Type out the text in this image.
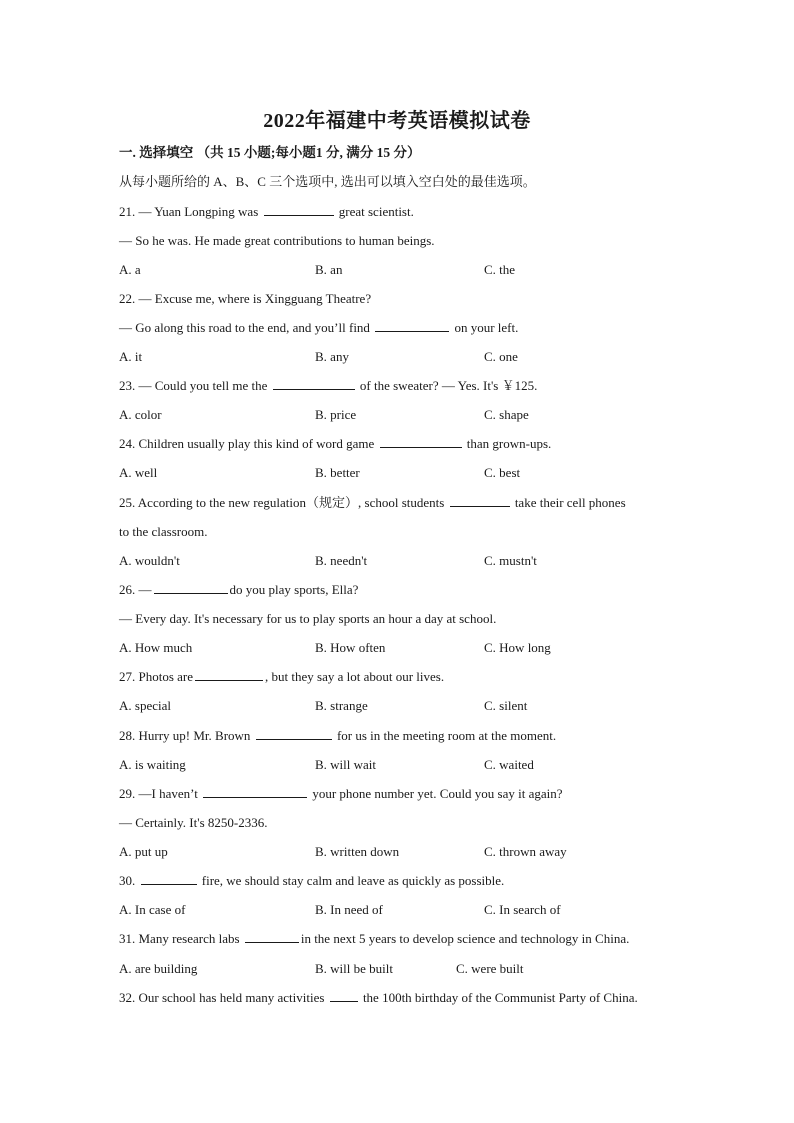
2022年福建中考英语模拟试卷
一. 选择填空 （共 15 小题;每小题1 分, 满分 15 分）
从每小题所给的 A、B、C 三个选项中, 选出可以填入空白处的最佳选项。
21. — Yuan Longping was	great scientist.
— So he was. He made great contributions to human beings.
A. a	B. an	C. the
22. — Excuse me, where is Xingguang Theatre?
— Go along this road to the end, and you’ll find	on your left.
A. it	B. any	C. one
23. — Could you tell me the	of the sweater? — Yes. It's ￥125.
A. color	B. price	C. shape
24. Children usually play this kind of word game	than grown-ups.
A. well	B. better	C. best
25. According to the new regulation（规定）, school students	take their cell phones
to the classroom.
A. wouldn't	B. needn't	C. mustn't
26. —	do you play sports, Ella?
— Every day. It's necessary for us to play sports an hour a day at school.
A. How much	B. How often	C. How long
27. Photos are	, but they say a lot about our lives.
A. special	B. strange	C. silent
28. Hurry up! Mr. Brown	for us in the meeting room at the moment.
A. is waiting	B. will wait	C. waited
29. —I haven’t	your phone number yet. Could you say it again?
— Certainly. It's 8250-2336.
A. put up	B. written down	C. thrown away
30.	fire, we should stay calm and leave as quickly as possible.
A. In case of	B. In need of	C. In search of
31. Many research labs	in the next 5 years to develop science and technology in China.
A. are building	B. will be built	C. were built
32. Our school has held many activities	the 100th birthday of the Communist Party of China.
